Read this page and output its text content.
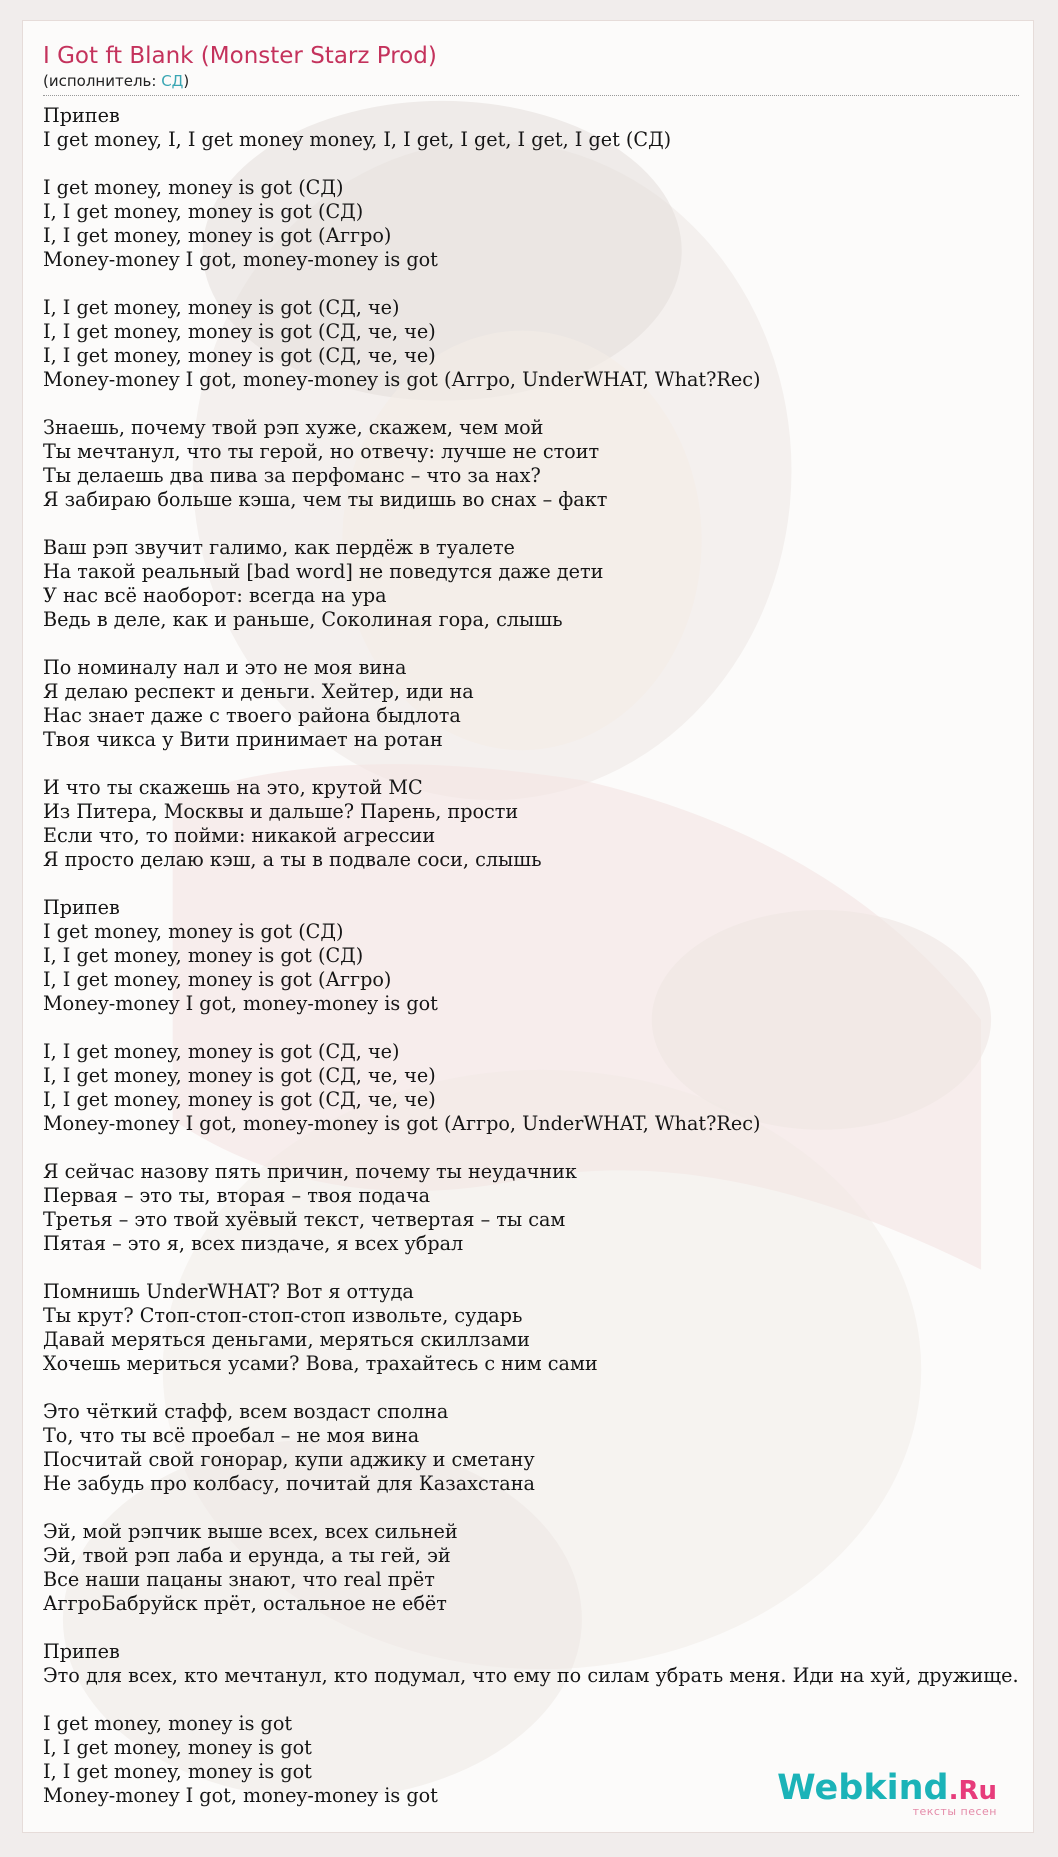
I Got ft Blank (Monster Starz Prod)
(исполнитель: СД)
Припев
I get money, I, I get money money, I, I get, I get, I get, I get (СД)
I get money, money is got (СД)
I, I get money, money is got (СД)
I, I get money, money is got (Аггро)
Money-money I got, money-money is got
I, I get money, money is got (СД, че)
I, I get money, money is got (СД, че, че)
I, I get money, money is got (СД, че, че)
Money-money I got, money-money is got (Аггро, UnderWHAT, What?Rec)
Знаешь, почему твой рэп хуже, скажем, чем мой
Ты мечтанул, что ты герой, но отвечу: лучше не стоит
Ты делаешь два пива за перфоманс – что за нах?
Я забираю больше кэша, чем ты видишь во снах – факт
Ваш рэп звучит галимо, как пердёж в туалете
На такой реальный [bad word] не поведутся даже дети
У нас всё наоборот: всегда на ура
Ведь в деле, как и раньше, Соколиная гора, слышь
По номиналу нал и это не моя вина
Я делаю респект и деньги. Хейтер, иди на
Нас знает даже с твоего района быдлота
Твоя чикса у Вити принимает на ротан
И что ты скажешь на это, крутой MC
Из Питера, Москвы и дальше? Парень, прости
Если что, то пойми: никакой агрессии
Я просто делаю кэш, а ты в подвале соси, слышь
Припев
I get money, money is got (СД)
I, I get money, money is got (СД)
I, I get money, money is got (Аггро)
Money-money I got, money-money is got
I, I get money, money is got (СД, че)
I, I get money, money is got (СД, че, че)
I, I get money, money is got (СД, че, че)
Money-money I got, money-money is got (Аггро, UnderWHAT, What?Rec)
Я сейчас назову пять причин, почему ты неудачник
Первая – это ты, вторая – твоя подача
Третья – это твой хуёвый текст, четвертая – ты сам
Пятая – это я, всех пиздаче, я всех убрал
Помнишь UnderWHAT? Вот я оттуда
Ты крут? Стоп-стоп-стоп-стоп извольте, сударь
Давай меряться деньгами, меряться скиллзами
Хочешь мериться усами? Вова, трахайтесь с ним сами
Это чёткий стафф, всем воздаст сполна
То, что ты всё проебал – не моя вина
Посчитай свой гонорар, купи аджику и сметану
Не забудь про колбасу, почитай для Казахстана
Эй, мой рэпчик выше всех, всех сильней
Эй, твой рэп лаба и ерунда, а ты гей, эй
Все наши пацаны знают, что real прёт
АггроБабруйск прёт, остальное не ебёт
Припев
Это для всех, кто мечтанул, кто подумал, что ему по силам убрать меня. Иди на хуй, дружище.
I get money, money is got
I, I get money, money is got
I, I get money, money is got
Money-money I got, money-money is got	Webkind.Ru
тексты песен
